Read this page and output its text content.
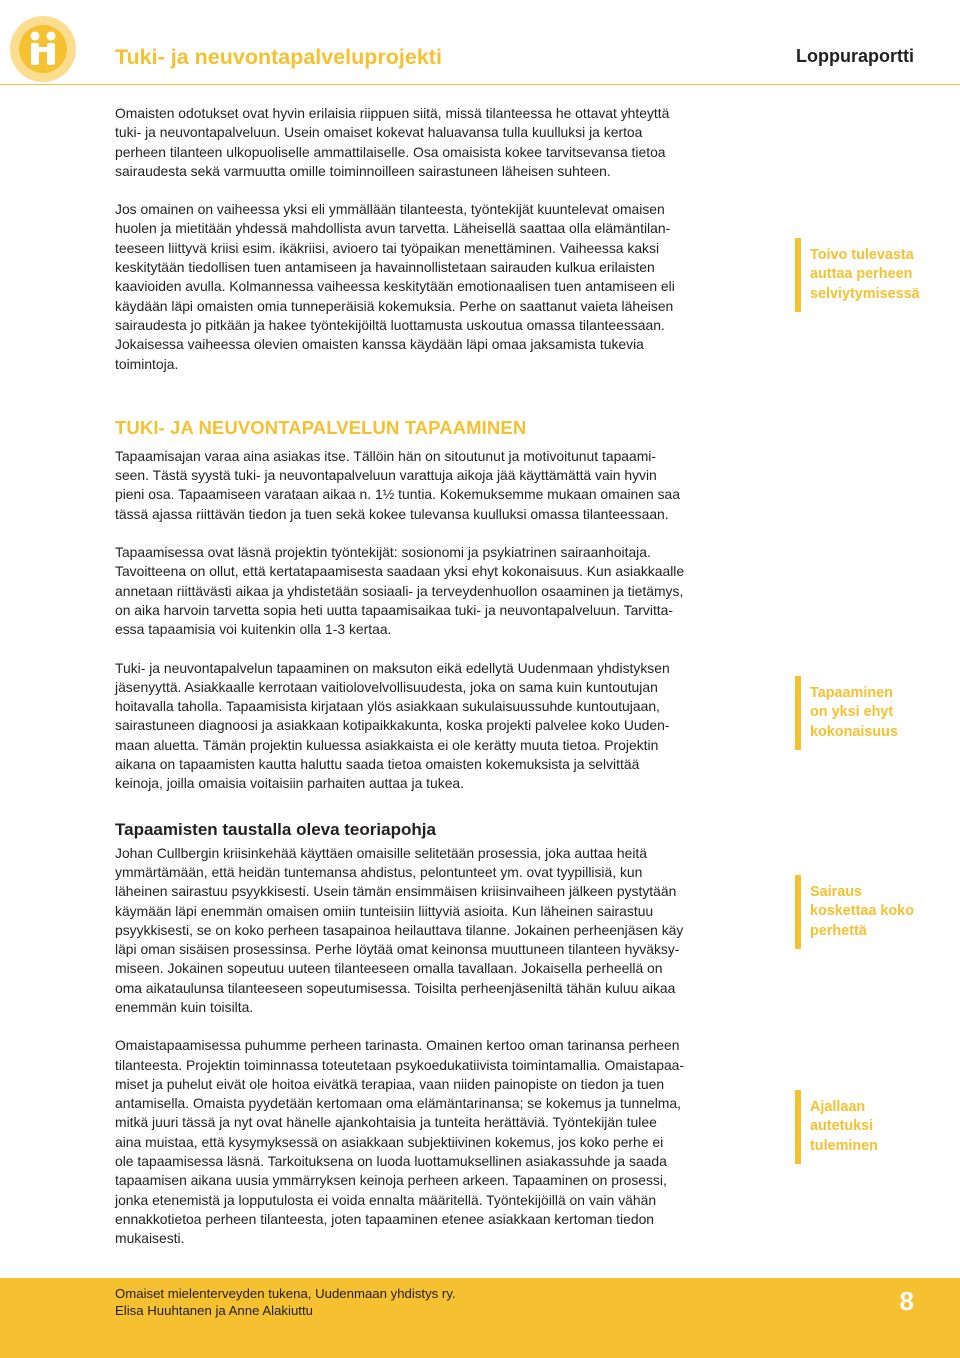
Tuki- ja neuvontapalveluprojekti	Loppuraportti

Omaisten odotukset ovat hyvin erilaisia riippuen siitä, missä tilanteessa he ottavat yhteyttä
tuki- ja neuvontapalveluun. Usein omaiset kokevat haluavansa tulla kuulluksi ja kertoa
perheen tilanteen ulkopuoliselle ammattilaiselle. Osa omaisista kokee tarvitsevansa tietoa
sairaudesta sekä varmuutta omille toiminnoilleen sairastuneen läheisen suhteen.

Jos omainen on vaiheessa yksi eli ymmällään tilanteesta, työntekijät kuuntelevat omaisen
huolen ja mietitään yhdessä mahdollista avun tarvetta. Läheisellä saattaa olla elämäntilan-
teeseen liittyvä kriisi esim. ikäkriisi, avioero tai työpaikan menettäminen. Vaiheessa kaksi
keskitytään tiedollisen tuen antamiseen ja havainnollistetaan sairauden kulkua erilaisten
kaavioiden avulla. Kolmannessa vaiheessa keskitytään emotionaalisen tuen antamiseen eli
käydään läpi omaisten omia tunneperäisiä kokemuksia. Perhe on saattanut vaieta läheisen
sairaudesta jo pitkään ja hakee työntekijöiltä luottamusta uskoutua omassa tilanteessaan.
Jokaisessa vaiheessa olevien omaisten kanssa käydään läpi omaa jaksamista tukevia
toimintoja.

TUKI- JA NEUVONTAPALVELUN TAPAAMINEN

Tapaamisajan varaa aina asiakas itse. Tällöin hän on sitoutunut ja motivoitunut tapaami-
seen. Tästä syystä tuki- ja neuvontapalveluun varattuja aikoja jää käyttämättä vain hyvin
pieni osa. Tapaamiseen varataan aikaa n. 1½ tuntia. Kokemuksemme mukaan omainen saa
tässä ajassa riittävän tiedon ja tuen sekä kokee tulevansa kuulluksi omassa tilanteessaan.

Tapaamisessa ovat läsnä projektin työntekijät: sosionomi ja psykiatrinen sairaanhoitaja.
Tavoitteena on ollut, että kertatapaamisesta saadaan yksi ehyt kokonaisuus. Kun asiakkaalle
annetaan riittävästi aikaa ja yhdistetään sosiaali- ja terveydenhuollon osaaminen ja tietämys,
on aika harvoin tarvetta sopia heti uutta tapaamisaikaa tuki- ja neuvontapalveluun. Tarvitta-
essa tapaamisia voi kuitenkin olla 1-3 kertaa.

Tuki- ja neuvontapalvelun tapaaminen on maksuton eikä edellytä Uudenmaan yhdistyksen
jäsenyyttä. Asiakkaalle kerrotaan vaitiolovelvollisuudesta, joka on sama kuin kuntoutujan
hoitavalla taholla. Tapaamisista kirjataan ylös asiakkaan sukulaisuussuhde kuntoutujaan,
sairastuneen diagnoosi ja asiakkaan kotipaikkakunta, koska projekti palvelee koko Uuden-
maan aluetta. Tämän projektin kuluessa asiakkaista ei ole kerätty muuta tietoa. Projektin
aikana on tapaamisten kautta haluttu saada tietoa omaisten kokemuksista ja selvittää
keinoja, joilla omaisia voitaisiin parhaiten auttaa ja tukea.

Tapaamisten taustalla oleva teoriapohja

Johan Cullbergin kriisinkehää käyttäen omaisille selitetään prosessia, joka auttaa heitä
ymmärtämään, että heidän tuntemansa ahdistus, pelontunteet ym. ovat tyypillisiä, kun
läheinen sairastuu psyykkisesti. Usein tämän ensimmäisen kriisinvaiheen jälkeen pystytään
käymään läpi enemmän omaisen omiin tunteisiin liittyviä asioita. Kun läheinen sairastuu
psyykkisesti, se on koko perheen tasapainoa heilauttava tilanne. Jokainen perheenjäsen käy
läpi oman sisäisen prosessinsa. Perhe löytää omat keinonsa muuttuneen tilanteen hyväksy-
miseen. Jokainen sopeutuu uuteen tilanteeseen omalla tavallaan. Jokaisella perheellä on
oma aikataulunsa tilanteeseen sopeutumisessa. Toisilta perheenjäseniltä tähän kuluu aikaa
enemmän kuin toisilta.

Omaistapaamisessa puhumme perheen tarinasta. Omainen kertoo oman tarinansa perheen
tilanteesta. Projektin toiminnassa toteutetaan psykoedukatiivista toimintamallia. Omaistapaa-
miset ja puhelut eivät ole hoitoa eivätkä terapiaa, vaan niiden painopiste on tiedon ja tuen
antamisella. Omaista pyydetään kertomaan oma elämäntarinansa; se kokemus ja tunnelma,
mitkä juuri tässä ja nyt ovat hänelle ajankohtaisia ja tunteita herättäviä. Työntekijän tulee
aina muistaa, että kysymyksessä on asiakkaan subjektiivinen kokemus, jos koko perhe ei
ole tapaamisessa läsnä. Tarkoituksena on luoda luottamuksellinen asiakassuhde ja saada
tapaamisen aikana uusia ymmärryksen keinoja perheen arkeen. Tapaaminen on prosessi,
jonka etenemistä ja lopputulosta ei voida ennalta määritellä. Työntekijöillä on vain vähän
ennakkotietoa perheen tilanteesta, joten tapaaminen etenee asiakkaan kertoman tiedon
mukaisesti.

Toivo tulevasta
auttaa perheen
selviytymisessä
Tapaaminen
on yksi ehyt
kokonaisuus
Sairaus
koskettaa koko
perhettä
Ajallaan
autetuksi
tuleminen
Omaiset mielenterveyden tukena, Uudenmaan yhdistys ry.
Elisa Huuhtanen ja Anne Alakiuttu	8
